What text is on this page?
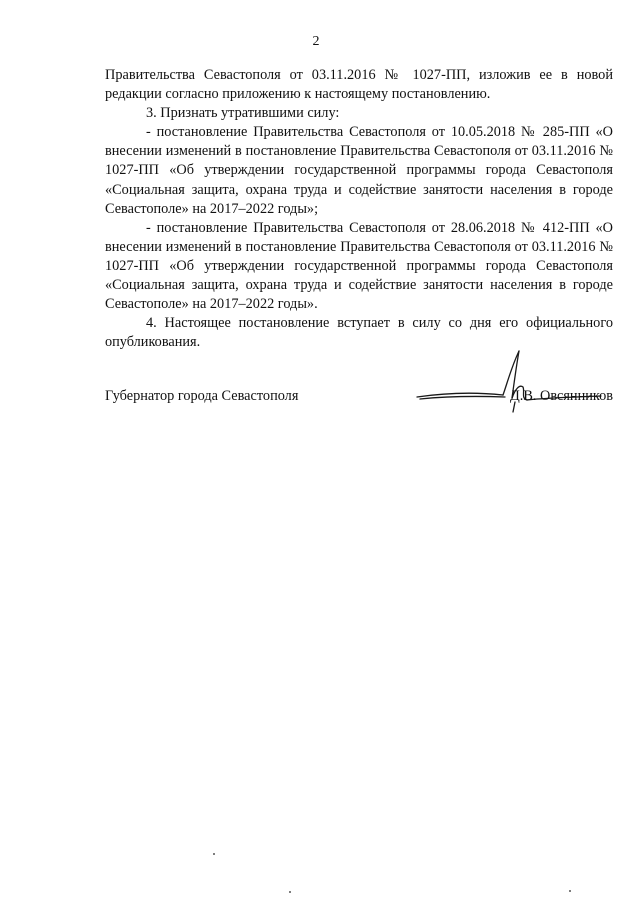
2

Правительства Севастополя от 03.11.2016 № 1027-ПП, изложив ее в новой редакции согласно приложению к настоящему постановлению.

3. Признать утратившими силу:

- постановление Правительства Севастополя от 10.05.2018 № 285-ПП «О внесении изменений в постановление Правительства Севастополя от 03.11.2016 № 1027-ПП «Об утверждении государственной программы города Севастополя «Социальная защита, охрана труда и содействие занятости населения в городе Севастополе» на 2017–2022 годы»;

- постановление Правительства Севастополя от 28.06.2018 № 412-ПП «О внесении изменений в постановление Правительства Севастополя от 03.11.2016 № 1027-ПП «Об утверждении государственной программы города Севастополя «Социальная защита, охрана труда и содействие занятости населения в городе Севастополе» на 2017–2022 годы».

4. Настоящее постановление вступает в силу со дня его официального опубликования.

Губернатор города Севастополя	Д.В. Овсянников
